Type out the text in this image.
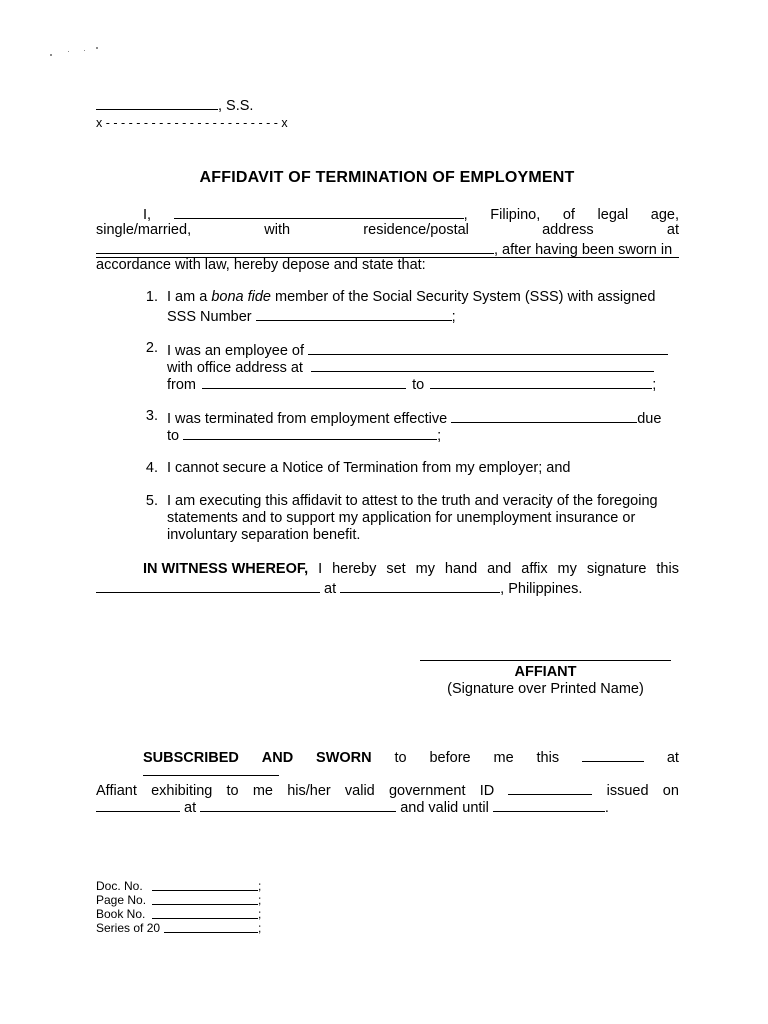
, S.S.
x - - - - - - - - - - - - - - - - - - - - - - - x
AFFIDAVIT OF TERMINATION OF EMPLOYMENT
I,	, Filipino, of legal age,
single/married,	with	residence/postal	address	at
, after having been sworn in
accordance with law, hereby depose and state that:
1. I am a bona fide member of the Social Security System (SSS) with assigned
SSS Number	;
2. I was an employee of
with office address at
from	to	;
3. I was terminated from employment effective	due
to	;
4. I cannot secure a Notice of Termination from my employer; and
5. I am executing this affidavit to attest to the truth and veracity of the foregoing
statements and to support my application for unemployment insurance or
involuntary separation benefit.
IN WITNESS WHEREOF, I hereby set my hand and affix my signature this
at	, Philippines.
AFFIANT
(Signature over Printed Name)
SUBSCRIBED AND SWORN to before me this	at
Affiant exhibiting to me his/her valid government ID	issued on
at	and valid until	.
Doc. No.	;
Page No.	;
Book No.	;
Series of 20	;
